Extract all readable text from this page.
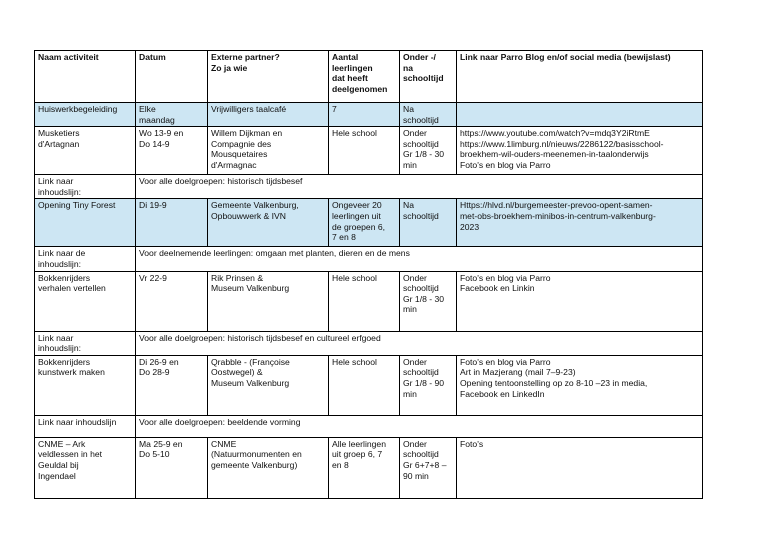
Naam activiteit	Datum	Externe partner?
Zo ja wie	Aantal
leerlingen
dat heeft
deelgenomen	Onder -/
na
schooltijd	Link naar Parro Blog en/of social media (bewijslast)

Huiswerkbegeleiding	Elke
maandag	Vrijwilligers taalcafé	7	Na
schooltijd	

Musketiers
d'Artagnan	Wo 13-9 en
Do 14-9	Willem Dijkman en
Compagnie des
Mousquetaires
d'Armagnac	Hele school	Onder
schooltijd
Gr 1/8 - 30
min	https://www.youtube.com/watch?v=mdq3Y2iRtmE
https://www.1limburg.nl/nieuws/2286122/basisschool-
broekhem-wil-ouders-meenemen-in-taalonderwijs
Foto's en blog via Parro

Link naar
inhoudslijn:	Voor alle doelgroepen: historisch tijdsbesef				

Opening Tiny Forest	Di 19-9	Gemeente Valkenburg,
Opbouwwerk & IVN	Ongeveer 20
leerlingen uit
de groepen 6,
7 en 8	Na
schooltijd	Https://hlvd.nl/burgemeester-prevoo-opent-samen-
met-obs-broekhem-minibos-in-centrum-valkenburg-
2023

Link naar de
inhoudslijn:	Voor deelnemende leerlingen: omgaan met planten, dieren en de mens				

Bokkenrijders
verhalen vertellen	Vr 22-9	Rik Prinsen &
Museum Valkenburg	Hele school	Onder
schooltijd
Gr 1/8 - 30
min	Foto's en blog via Parro
Facebook en Linkin

Link naar
inhoudslijn:	Voor alle doelgroepen: historisch tijdsbesef en cultureel erfgoed				

Bokkenrijders
kunstwerk maken	Di 26-9 en
Do 28-9	Qrabble - (Françoise
Oostwegel) &
Museum Valkenburg	Hele school	Onder
schooltijd
Gr 1/8 - 90
min	Foto's en blog via Parro
Art in Mazjerang (mail 7–9-23)
Opening tentoonstelling op zo 8-10 –23 in media,
Facebook en LinkedIn

Link naar inhoudslijn	Voor alle doelgroepen: beeldende vorming				

CNME – Ark
veldlessen in het
Geuldal bij
Ingendael	Ma 25-9 en
Do 5-10	CNME
(Natuurmonumenten en
gemeente Valkenburg)	Alle leerlingen
uit groep 6, 7
en 8	Onder
schooltijd
Gr 6+7+8 –
90 min	Foto's
